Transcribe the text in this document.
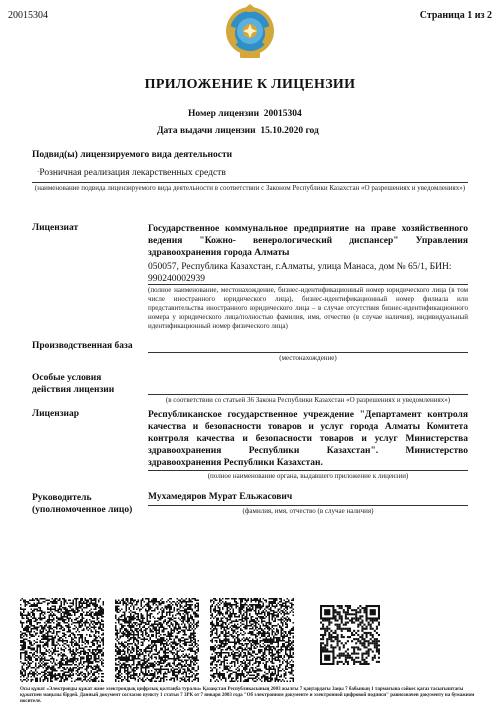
20015304	Страница 1 из 2
ПРИЛОЖЕНИЕ К ЛИЦЕНЗИИ
Номер лицензии 20015304
Дата выдачи лицензии 15.10.2020 год
Подвид(ы) лицензируемого вида деятельности
·Розничная реализация лекарственных средств
(наименование подвида лицензируемого вида деятельности в соответствии с Законом Республики Казахстан «О разрешениях и уведомлениях»)
Лицензиат	Государственное коммунальное предприятие на праве хозяйственного ведения "Кожно- венерологический диспансер" Управления здравоохранения города Алматы
050057, Республика Казахстан, г.Алматы, улица Манаса, дом № 65/1, БИН: 990240002939
(полное наименование, местонахождение, бизнес-идентификационный номер юридического лица (в том числе иностранного юридического лица), бизнес-идентификационный номер филиала или представительства иностранного юридического лица – в случае отсутствия бизнес-идентификационного номера у юридического лица/полностью фамилия, имя, отчество (в случае наличия), индивидуальный идентификационный номер физического лица)
Производственная база
(местонахождение)
Особые условия
действия лицензии
(в соответствии со статьей 36 Закона Республики Казахстан «О разрешениях и уведомлениях»)
Лицензиар	Республиканское государственное учреждение "Департамент контроля качества и безопасности товаров и услуг города Алматы Комитета контроля качества и безопасности товаров и услуг Министерства здравоохранения Республики Казахстан". Министерство здравоохранения Республики Казахстан.
(полное наименование органа, выдавшего приложение к лицензии)
Руководитель
(уполномоченное лицо)
Мухамедяров Мурат Ельжасович
(фамилия, имя, отчество (в случае наличия)
Осы құжат «Электронды құжат және электрондық цифрлық қолтаңба туралы» Қазақстан Республикасының 2003 жылғы 7 қаңтардағы Заңы 7 бабының 1 тармағына сәйкес қағаз тасығыштағы құжатпен маңызы бірдей. Данный документ согласно пункту 1 статьи 7 ЗРК от 7 января 2003 года "Об электронном документе и электронной цифровой подписи" равнозначен документу на бумажном носителе.
